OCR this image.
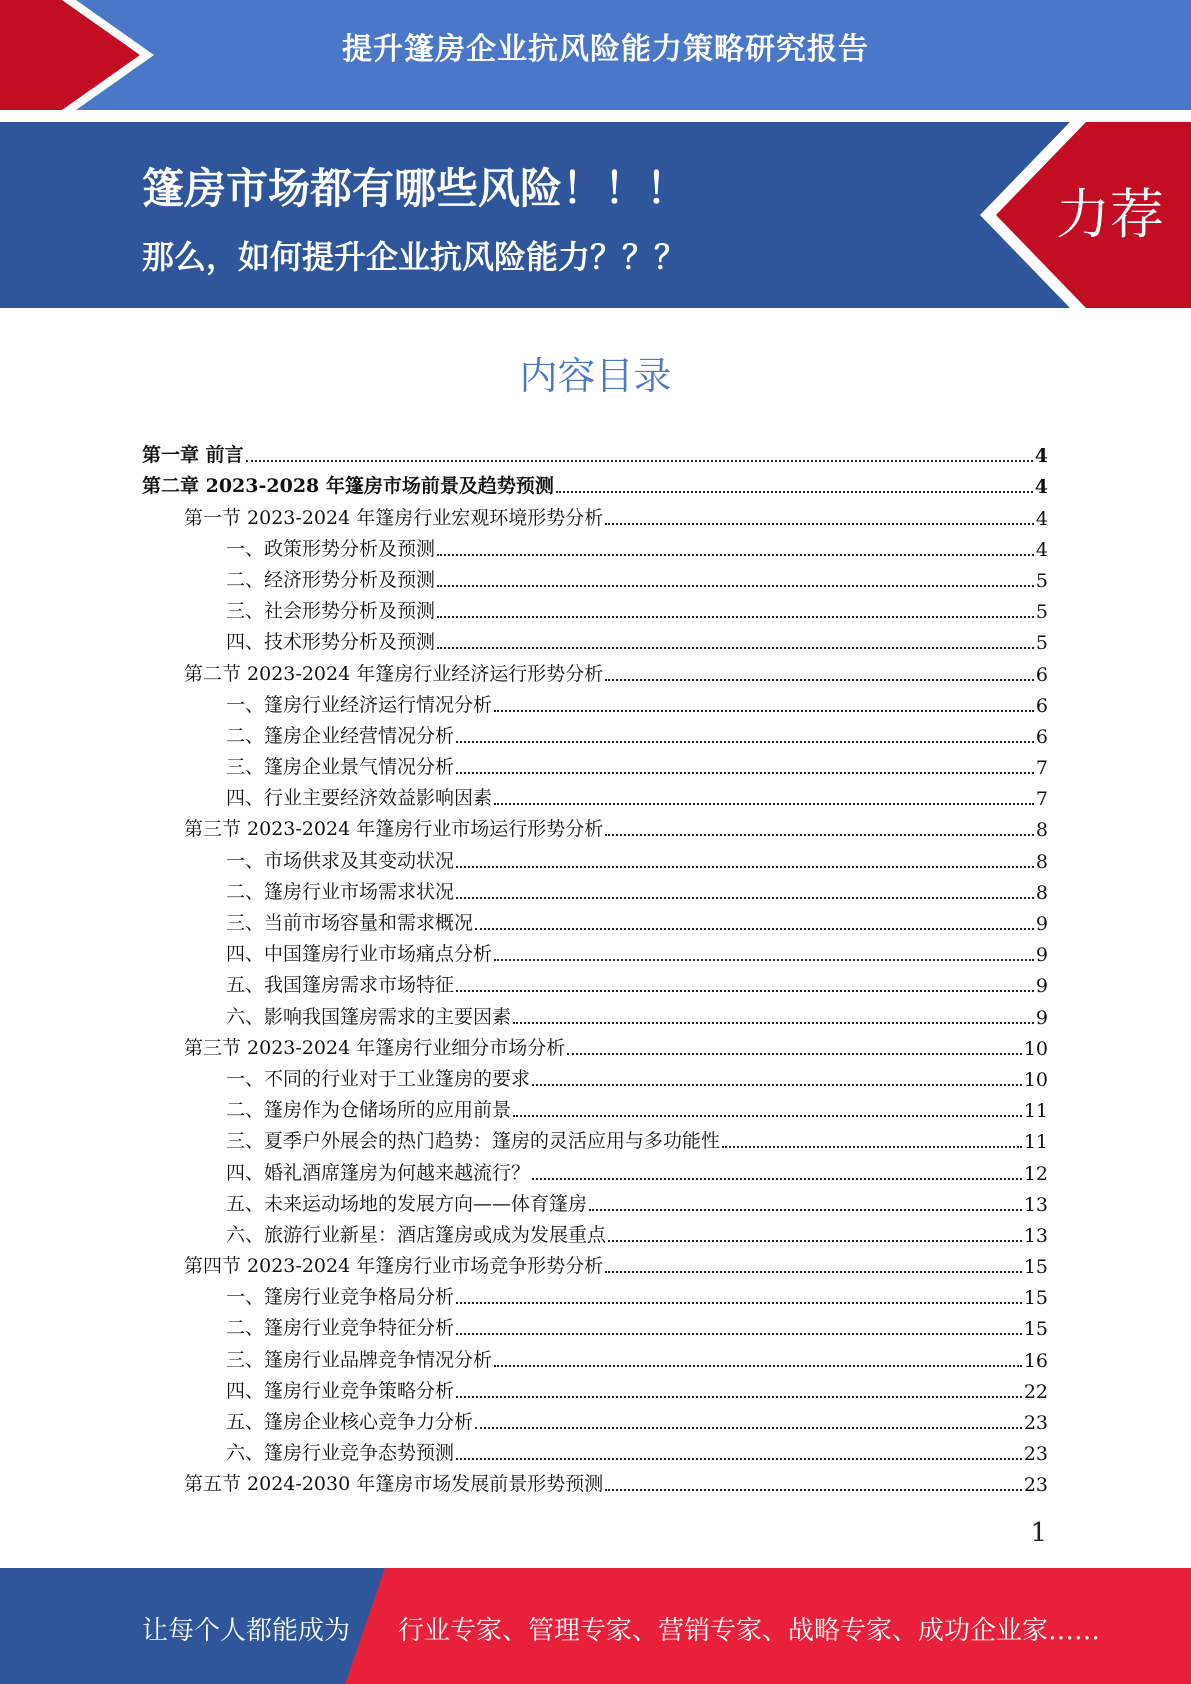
提升篷房企业抗风险能力策略研究报告
篷房市场都有哪些风险！！！
那么，如何提升企业抗风险能力？？？
力荐
内容目录
第一章 前言	4
第二章 2023-2028 年篷房市场前景及趋势预测	4
第一节 2023-2024 年篷房行业宏观环境形势分析	4
一、政策形势分析及预测	4
二、经济形势分析及预测	5
三、社会形势分析及预测	5
四、技术形势分析及预测	5
第二节 2023-2024 年篷房行业经济运行形势分析	6
一、篷房行业经济运行情况分析	6
二、篷房企业经营情况分析	6
三、篷房企业景气情况分析	7
四、行业主要经济效益影响因素	7
第三节 2023-2024 年篷房行业市场运行形势分析	8
一、市场供求及其变动状况	8
二、篷房行业市场需求状况	8
三、当前市场容量和需求概况	9
四、中国篷房行业市场痛点分析	9
五、我国篷房需求市场特征	9
六、影响我国篷房需求的主要因素	9
第三节 2023-2024 年篷房行业细分市场分析	10
一、不同的行业对于工业篷房的要求	10
二、篷房作为仓储场所的应用前景	11
三、夏季户外展会的热门趋势：篷房的灵活应用与多功能性	11
四、婚礼酒席篷房为何越来越流行？	12
五、未来运动场地的发展方向——体育篷房	13
六、旅游行业新星：酒店篷房或成为发展重点	13
第四节 2023-2024 年篷房行业市场竞争形势分析	15
一、篷房行业竞争格局分析	15
二、篷房行业竞争特征分析	15
三、篷房行业品牌竞争情况分析	16
四、篷房行业竞争策略分析	22
五、篷房企业核心竞争力分析	23
六、篷房行业竞争态势预测	23
第五节 2024-2030 年篷房市场发展前景形势预测	23
1
让每个人都能成为 行业专家、管理专家、营销专家、战略专家、成功企业家……
